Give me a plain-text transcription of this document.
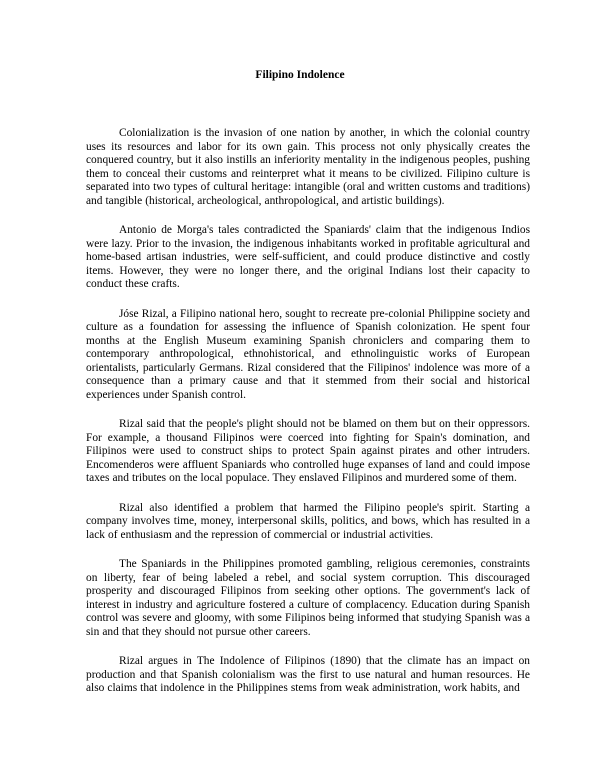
Filipino Indolence

Colonialization is the invasion of one nation by another, in which the colonial country uses its resources and labor for its own gain. This process not only physically creates the conquered country, but it also instills an inferiority mentality in the indigenous peoples, pushing them to conceal their customs and reinterpret what it means to be civilized. Filipino culture is separated into two types of cultural heritage: intangible (oral and written customs and traditions) and tangible (historical, archeological, anthropological, and artistic buildings).

Antonio de Morga's tales contradicted the Spaniards' claim that the indigenous Indios were lazy. Prior to the invasion, the indigenous inhabitants worked in profitable agricultural and home-based artisan industries, were self-sufficient, and could produce distinctive and costly items. However, they were no longer there, and the original Indians lost their capacity to conduct these crafts.

Jóse Rizal, a Filipino national hero, sought to recreate pre-colonial Philippine society and culture as a foundation for assessing the influence of Spanish colonization. He spent four months at the English Museum examining Spanish chroniclers and comparing them to contemporary anthropological, ethnohistorical, and ethnolinguistic works of European orientalists, particularly Germans. Rizal considered that the Filipinos' indolence was more of a consequence than a primary cause and that it stemmed from their social and historical experiences under Spanish control.

Rizal said that the people's plight should not be blamed on them but on their oppressors. For example, a thousand Filipinos were coerced into fighting for Spain's domination, and Filipinos were used to construct ships to protect Spain against pirates and other intruders. Encomenderos were affluent Spaniards who controlled huge expanses of land and could impose taxes and tributes on the local populace. They enslaved Filipinos and murdered some of them.

Rizal also identified a problem that harmed the Filipino people's spirit. Starting a company involves time, money, interpersonal skills, politics, and bows, which has resulted in a lack of enthusiasm and the repression of commercial or industrial activities.

The Spaniards in the Philippines promoted gambling, religious ceremonies, constraints on liberty, fear of being labeled a rebel, and social system corruption. This discouraged prosperity and discouraged Filipinos from seeking other options. The government's lack of interest in industry and agriculture fostered a culture of complacency. Education during Spanish control was severe and gloomy, with some Filipinos being informed that studying Spanish was a sin and that they should not pursue other careers.

Rizal argues in The Indolence of Filipinos (1890) that the climate has an impact on production and that Spanish colonialism was the first to use natural and human resources. He also claims that indolence in the Philippines stems from weak administration, work habits, and
